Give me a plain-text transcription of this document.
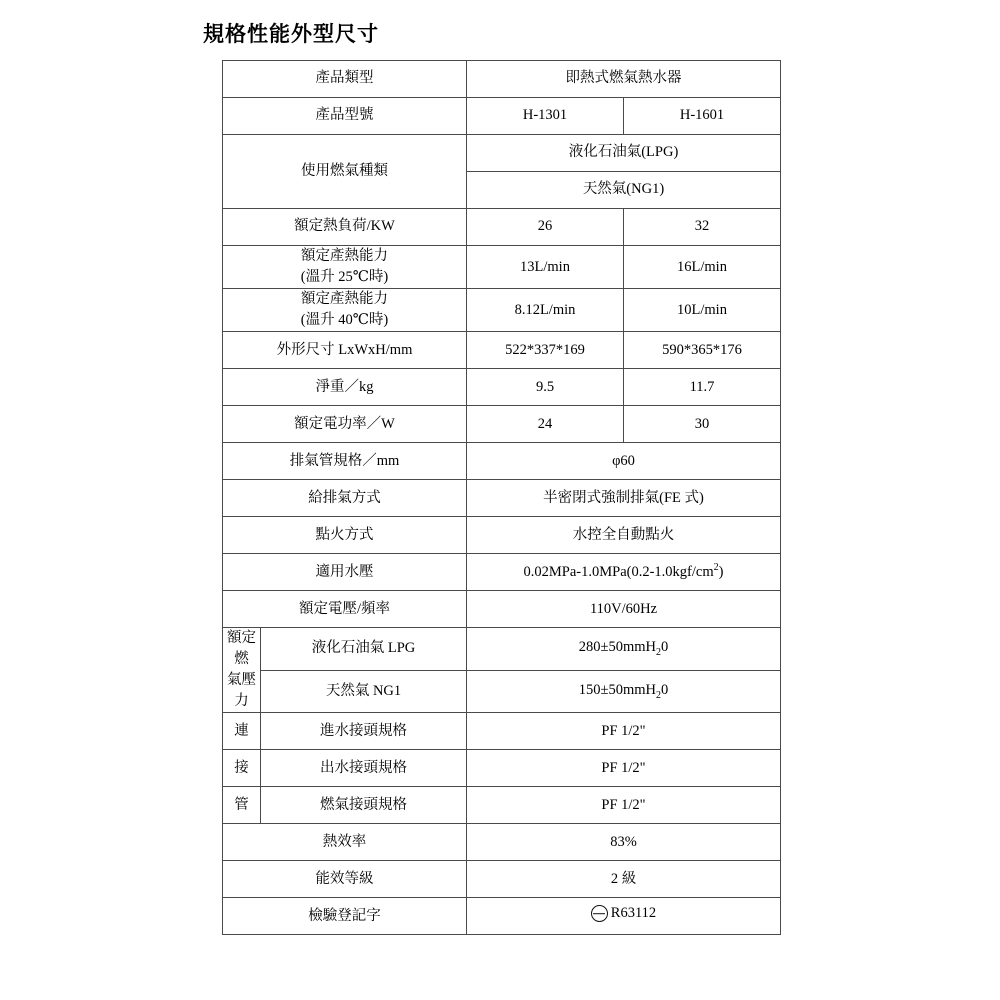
規格性能外型尺寸
產品類型		即熱式燃氣熱水器	
產品型號		H-1301	H-1601
使用燃氣種類		液化石油氣(LPG)	
		天然氣(NG1)	
額定熱負荷/KW		26	32

額定產熱能力
(溫升 25℃時)		13L/min	16L/min

額定產熱能力
(溫升 40℃時)		8.12L/min	10L/min
外形尺寸 LxWxH/mm		522*337*169	590*365*176
淨重／kg		9.5	11.7
額定電功率／W		24	30
排氣管規格／mm		φ60	
給排氣方式		半密閉式強制排氣(FE 式)	
點火方式		水控全自動點火	
適用水壓		$0.02MPa-1.0MPa(0.2-1.0kgf/cm^2)$	
額定電壓/頻率		110V/60Hz	

額定燃
氣壓力	液化石油氣 LPG	280±50mmH$_2$0	
	天然氣 NG1	150±50mmH$_2$0	
連	進水接頭規格	PF 1/2"	
接	出水接頭規格	PF 1/2"	
管	燃氣接頭規格	PF 1/2"	
熱效率		83%	
能效等級		2 級	
檢驗登記字		R63112	
